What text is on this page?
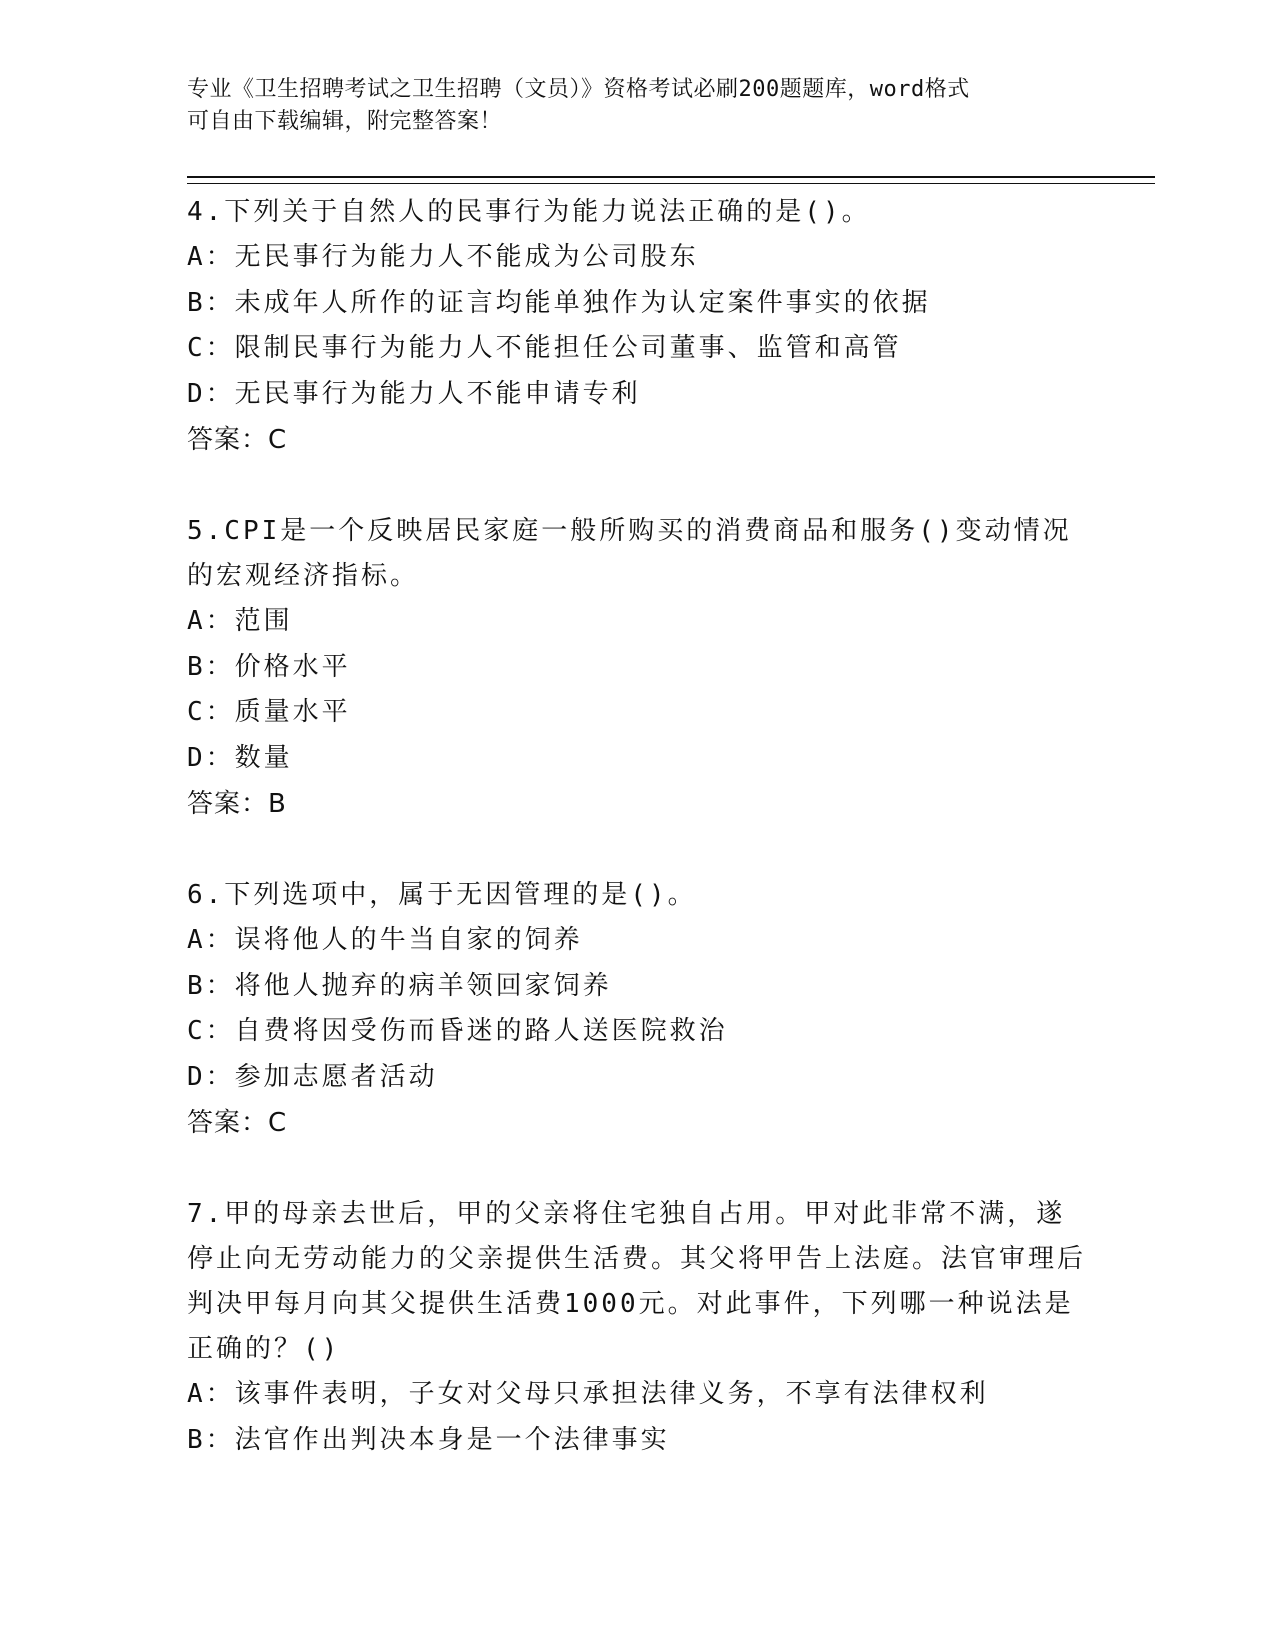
专业《卫生招聘考试之卫生招聘（文员）》资格考试必刷200题题库，word格式
可自由下载编辑，附完整答案！

4.下列关于自然人的民事行为能力说法正确的是()。

A：无民事行为能力人不能成为公司股东

B：未成年人所作的证言均能单独作为认定案件事实的依据

C：限制民事行为能力人不能担任公司董事、监管和高管

D：无民事行为能力人不能申请专利

答案：C

5.CPI是一个反映居民家庭一般所购买的消费商品和服务()变动情况的宏观经济指标。

A：范围

B：价格水平

C：质量水平

D：数量

答案：B

6.下列选项中，属于无因管理的是()。

A：误将他人的牛当自家的饲养

B：将他人抛弃的病羊领回家饲养

C：自费将因受伤而昏迷的路人送医院救治

D：参加志愿者活动

答案：C

7.甲的母亲去世后，甲的父亲将住宅独自占用。甲对此非常不满，遂停止向无劳动能力的父亲提供生活费。其父将甲告上法庭。法官审理后判决甲每月向其父提供生活费1000元。对此事件，下列哪一种说法是正确的？()

A：该事件表明，子女对父母只承担法律义务，不享有法律权利

B：法官作出判决本身是一个法律事实
